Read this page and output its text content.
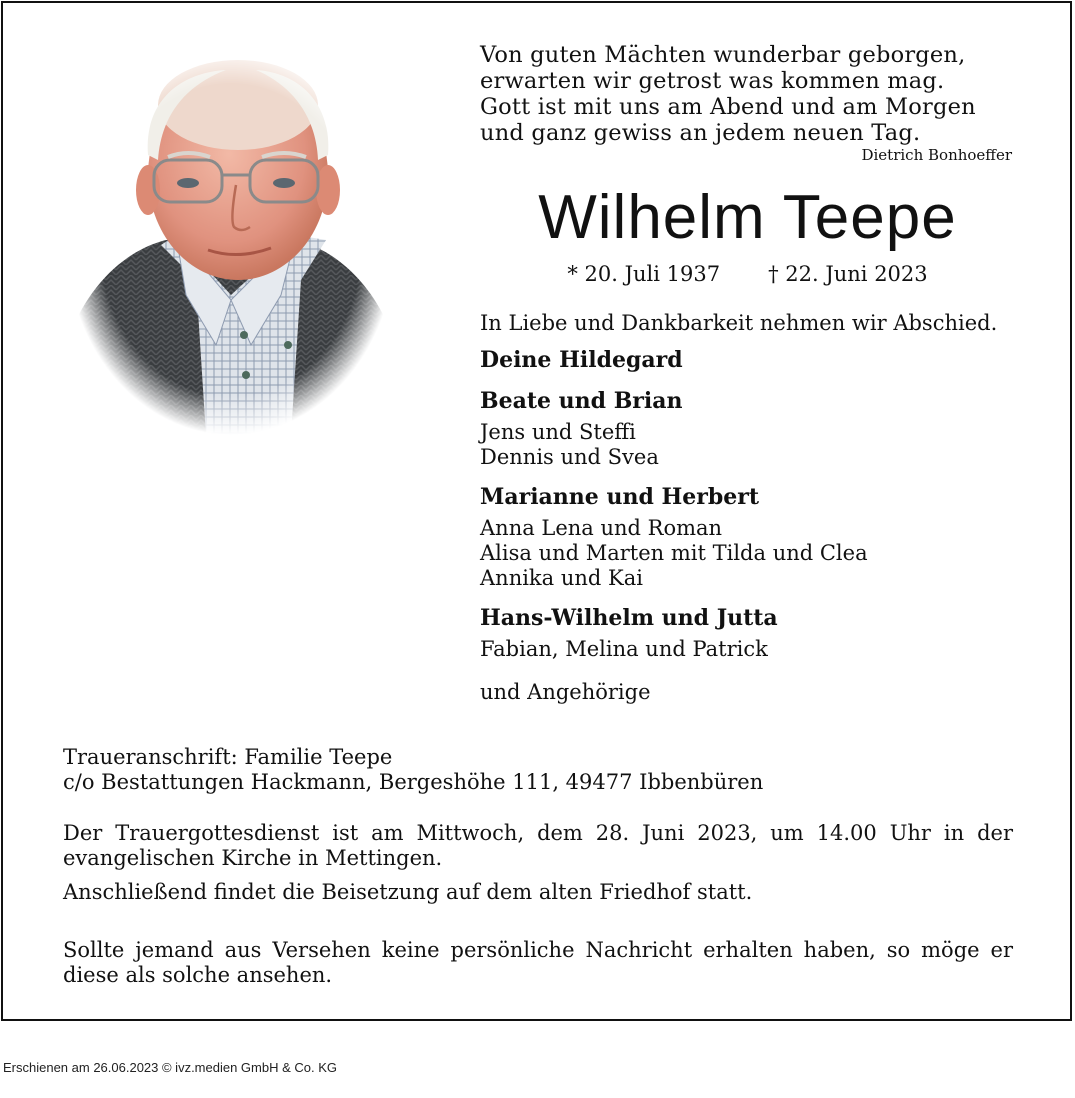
Von guten Mächten wunderbar geborgen,
erwarten wir getrost was kommen mag.
Gott ist mit uns am Abend und am Morgen
und ganz gewiss an jedem neuen Tag.
Dietrich Bonhoeffer
Wilhelm Teepe
* 20. Juli 1937 † 22. Juni 2023
In Liebe und Dankbarkeit nehmen wir Abschied.
Deine Hildegard
Beate und Brian
Jens und Steffi
Dennis und Svea
Marianne und Herbert
Anna Lena und Roman
Alisa und Marten mit Tilda und Clea
Annika und Kai
Hans-Wilhelm und Jutta
Fabian, Melina und Patrick
und Angehörige
Traueranschrift: Familie Teepe
c/o Bestattungen Hackmann, Bergeshöhe 111, 49477 Ibbenbüren
Der Trauergottesdienst ist am Mittwoch, dem 28. Juni 2023, um 14.00 Uhr in der evangelischen Kirche in Mettingen.
Anschließend findet die Beisetzung auf dem alten Friedhof statt.
Sollte jemand aus Versehen keine persönliche Nachricht erhalten haben, so möge er diese als solche ansehen.
Erschienen am 26.06.2023 © ivz.medien GmbH & Co. KG
